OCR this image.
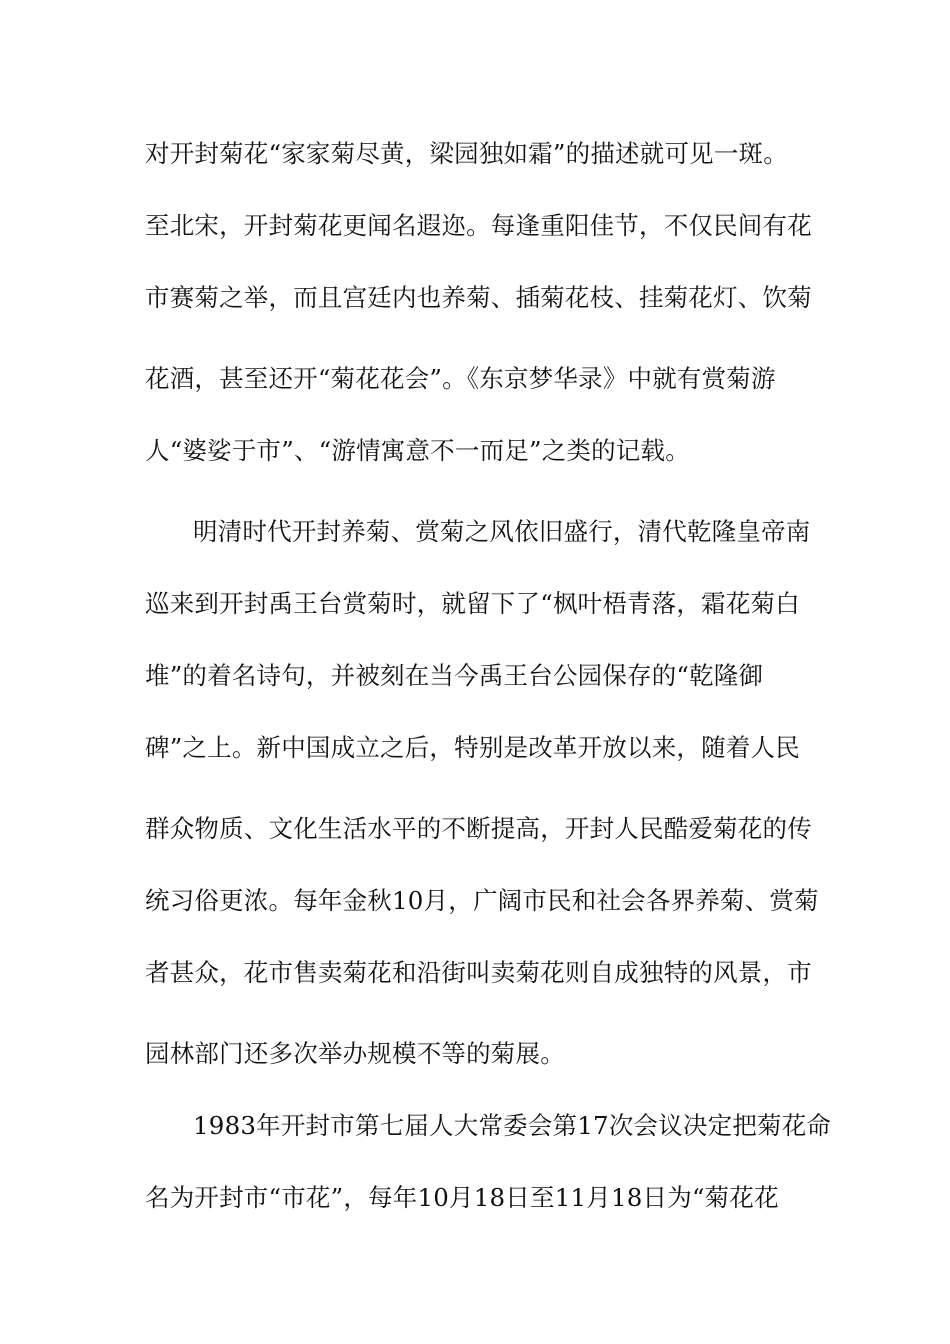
对开封菊花“家家菊尽黄，梁园独如霜”的描述就可见一斑。
至北宋，开封菊花更闻名遐迩。每逢重阳佳节，不仅民间有花
市赛菊之举，而且宫廷内也养菊、插菊花枝、挂菊花灯、饮菊
花酒，甚至还开“菊花花会”。《东京梦华录》中就有赏菊游
人“婆娑于市”、“游情寓意不一而足”之类的记载。
明清时代开封养菊、赏菊之风依旧盛行，清代乾隆皇帝南
巡来到开封禹王台赏菊时，就留下了“枫叶梧青落，霜花菊白
堆”的着名诗句，并被刻在当今禹王台公园保存的“乾隆御
碑”之上。新中国成立之后，特别是改革开放以来，随着人民
群众物质、文化生活水平的不断提高，开封人民酷爱菊花的传
统习俗更浓。每年金秋10月，广阔市民和社会各界养菊、赏菊
者甚众，花市售卖菊花和沿街叫卖菊花则自成独特的风景，市
园林部门还多次举办规模不等的菊展。
1983年开封市第七届人大常委会第17次会议决定把菊花命
名为开封市“市花”，每年10月18日至11月18日为“菊花花
